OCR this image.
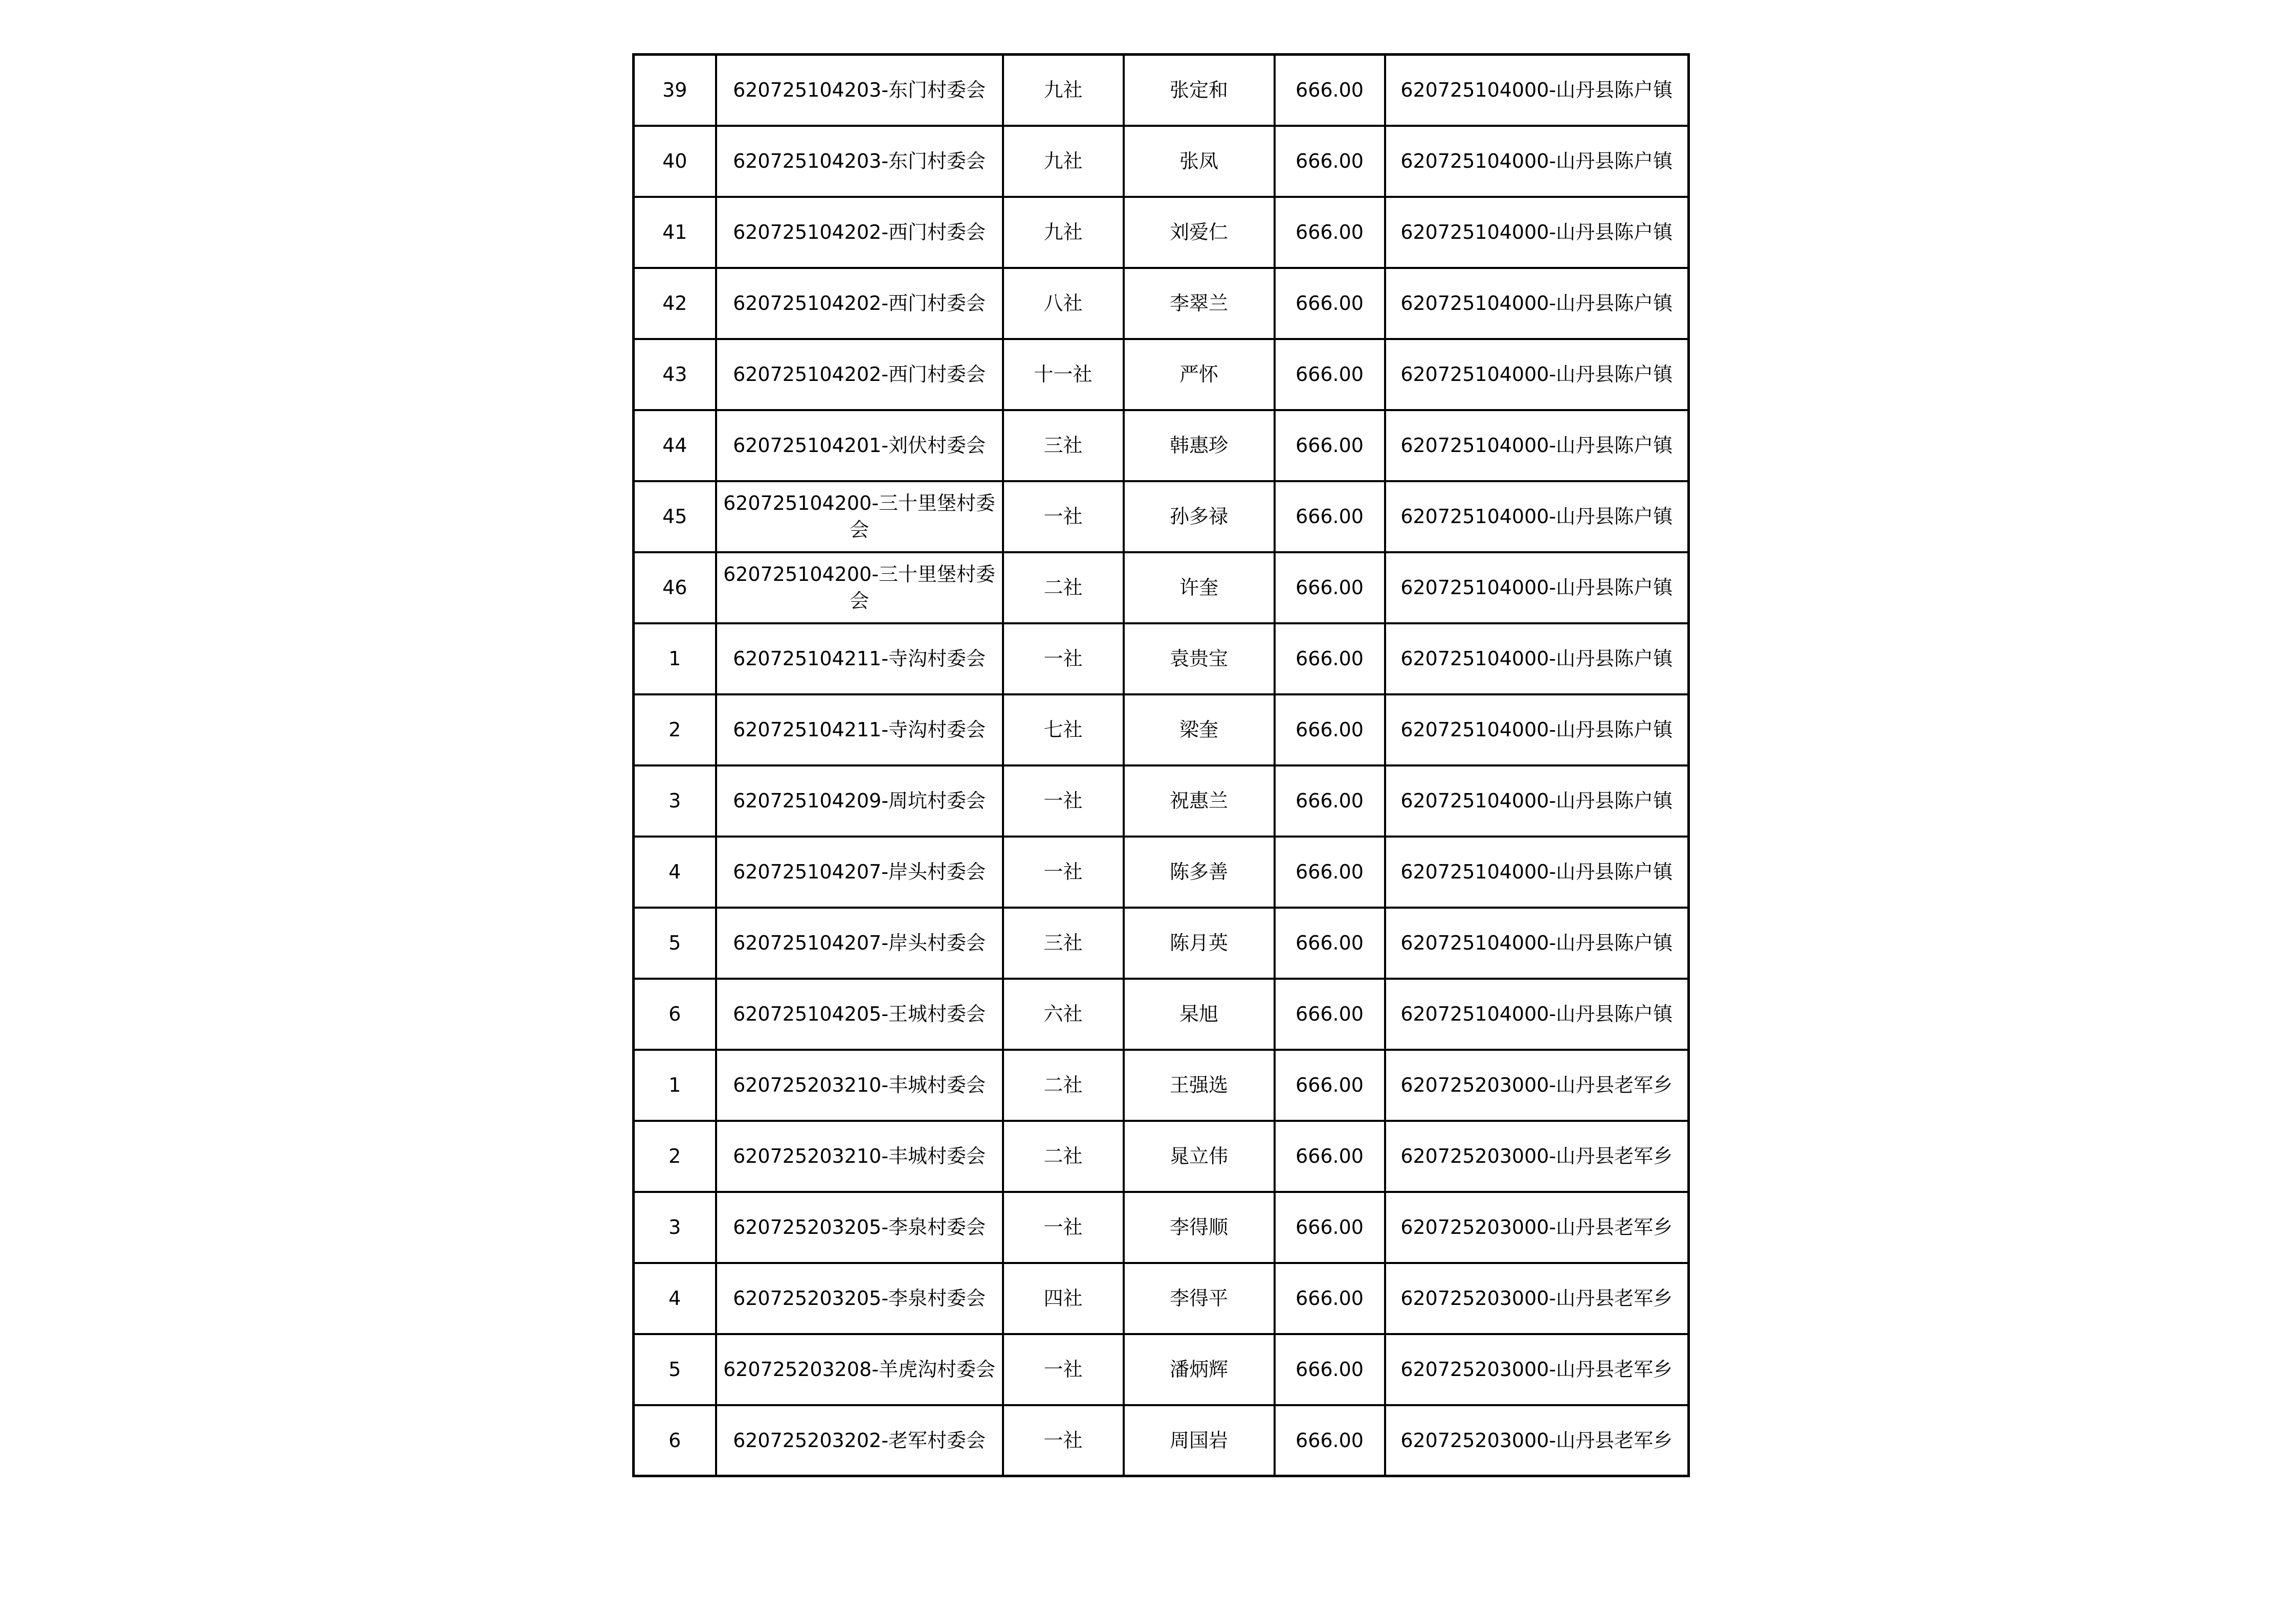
39	620725104203-东门村委会	九社	张定和	666.00	620725104000-山丹县陈户镇
40	620725104203-东门村委会	九社	张凤	666.00	620725104000-山丹县陈户镇
41	620725104202-西门村委会	九社	刘爱仁	666.00	620725104000-山丹县陈户镇
42	620725104202-西门村委会	八社	李翠兰	666.00	620725104000-山丹县陈户镇
43	620725104202-西门村委会	十一社	严怀	666.00	620725104000-山丹县陈户镇
44	620725104201-刘伏村委会	三社	韩惠珍	666.00	620725104000-山丹县陈户镇
45	620725104200-三十里堡村委会	一社	孙多禄	666.00	620725104000-山丹县陈户镇
46	620725104200-三十里堡村委会	二社	许奎	666.00	620725104000-山丹县陈户镇
1	620725104211-寺沟村委会	一社	袁贵宝	666.00	620725104000-山丹县陈户镇
2	620725104211-寺沟村委会	七社	梁奎	666.00	620725104000-山丹县陈户镇
3	620725104209-周坑村委会	一社	祝惠兰	666.00	620725104000-山丹县陈户镇
4	620725104207-岸头村委会	一社	陈多善	666.00	620725104000-山丹县陈户镇
5	620725104207-岸头村委会	三社	陈月英	666.00	620725104000-山丹县陈户镇
6	620725104205-王城村委会	六社	杲旭	666.00	620725104000-山丹县陈户镇
1	620725203210-丰城村委会	二社	王强选	666.00	620725203000-山丹县老军乡
2	620725203210-丰城村委会	二社	晁立伟	666.00	620725203000-山丹县老军乡
3	620725203205-李泉村委会	一社	李得顺	666.00	620725203000-山丹县老军乡
4	620725203205-李泉村委会	四社	李得平	666.00	620725203000-山丹县老军乡
5	620725203208-羊虎沟村委会	一社	潘炳辉	666.00	620725203000-山丹县老军乡
6	620725203202-老军村委会	一社	周国岩	666.00	620725203000-山丹县老军乡
